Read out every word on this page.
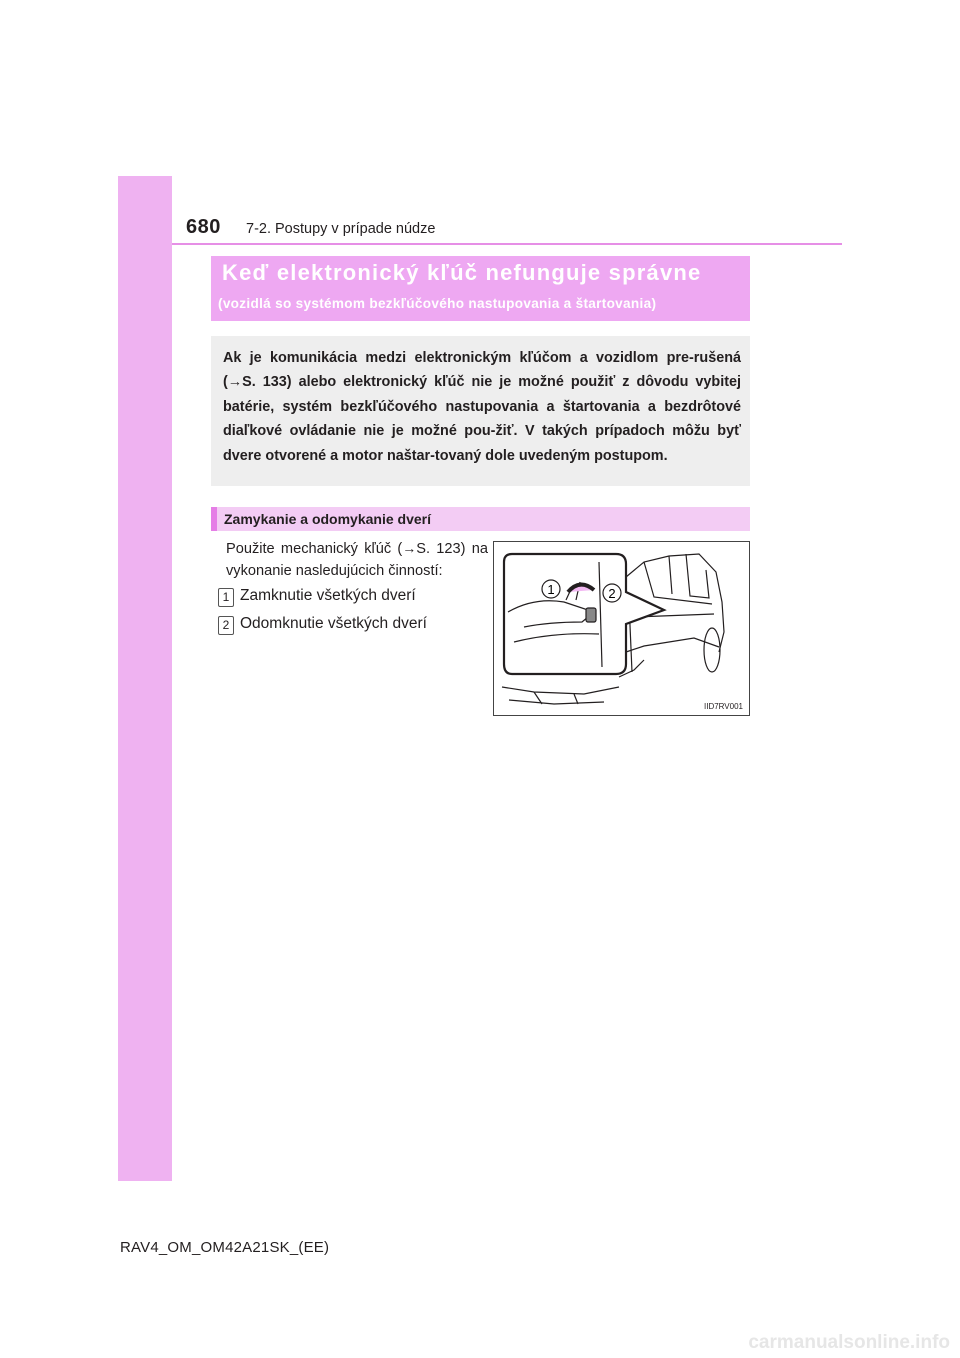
680 7-2. Postupy v prípade núdze
Keď elektronický kľúč nefunguje správne
(vozidlá so systémom bezkľúčového nastupovania a štartovania)
Ak je komunikácia medzi elektronickým kľúčom a vozidlom pre-rušená (→S. 133) alebo elektronický kľúč nie je možné použiť z dôvodu vybitej batérie, systém bezkľúčového nastupovania a štartovania a bezdrôtové diaľkové ovládanie nie je možné pou-žiť. V takých prípadoch môžu byť dvere otvorené a motor naštar-tovaný dole uvedeným postupom.
Zamykanie a odomykanie dverí
Použite mechanický kľúč (→S. 123) na vykonanie nasledujúcich činností:
1 Zamknutie všetkých dverí
2 Odomknutie všetkých dverí
1	2
IID7RV001
RAV4_OM_OM42A21SK_(EE)
carmanualsonline.info
